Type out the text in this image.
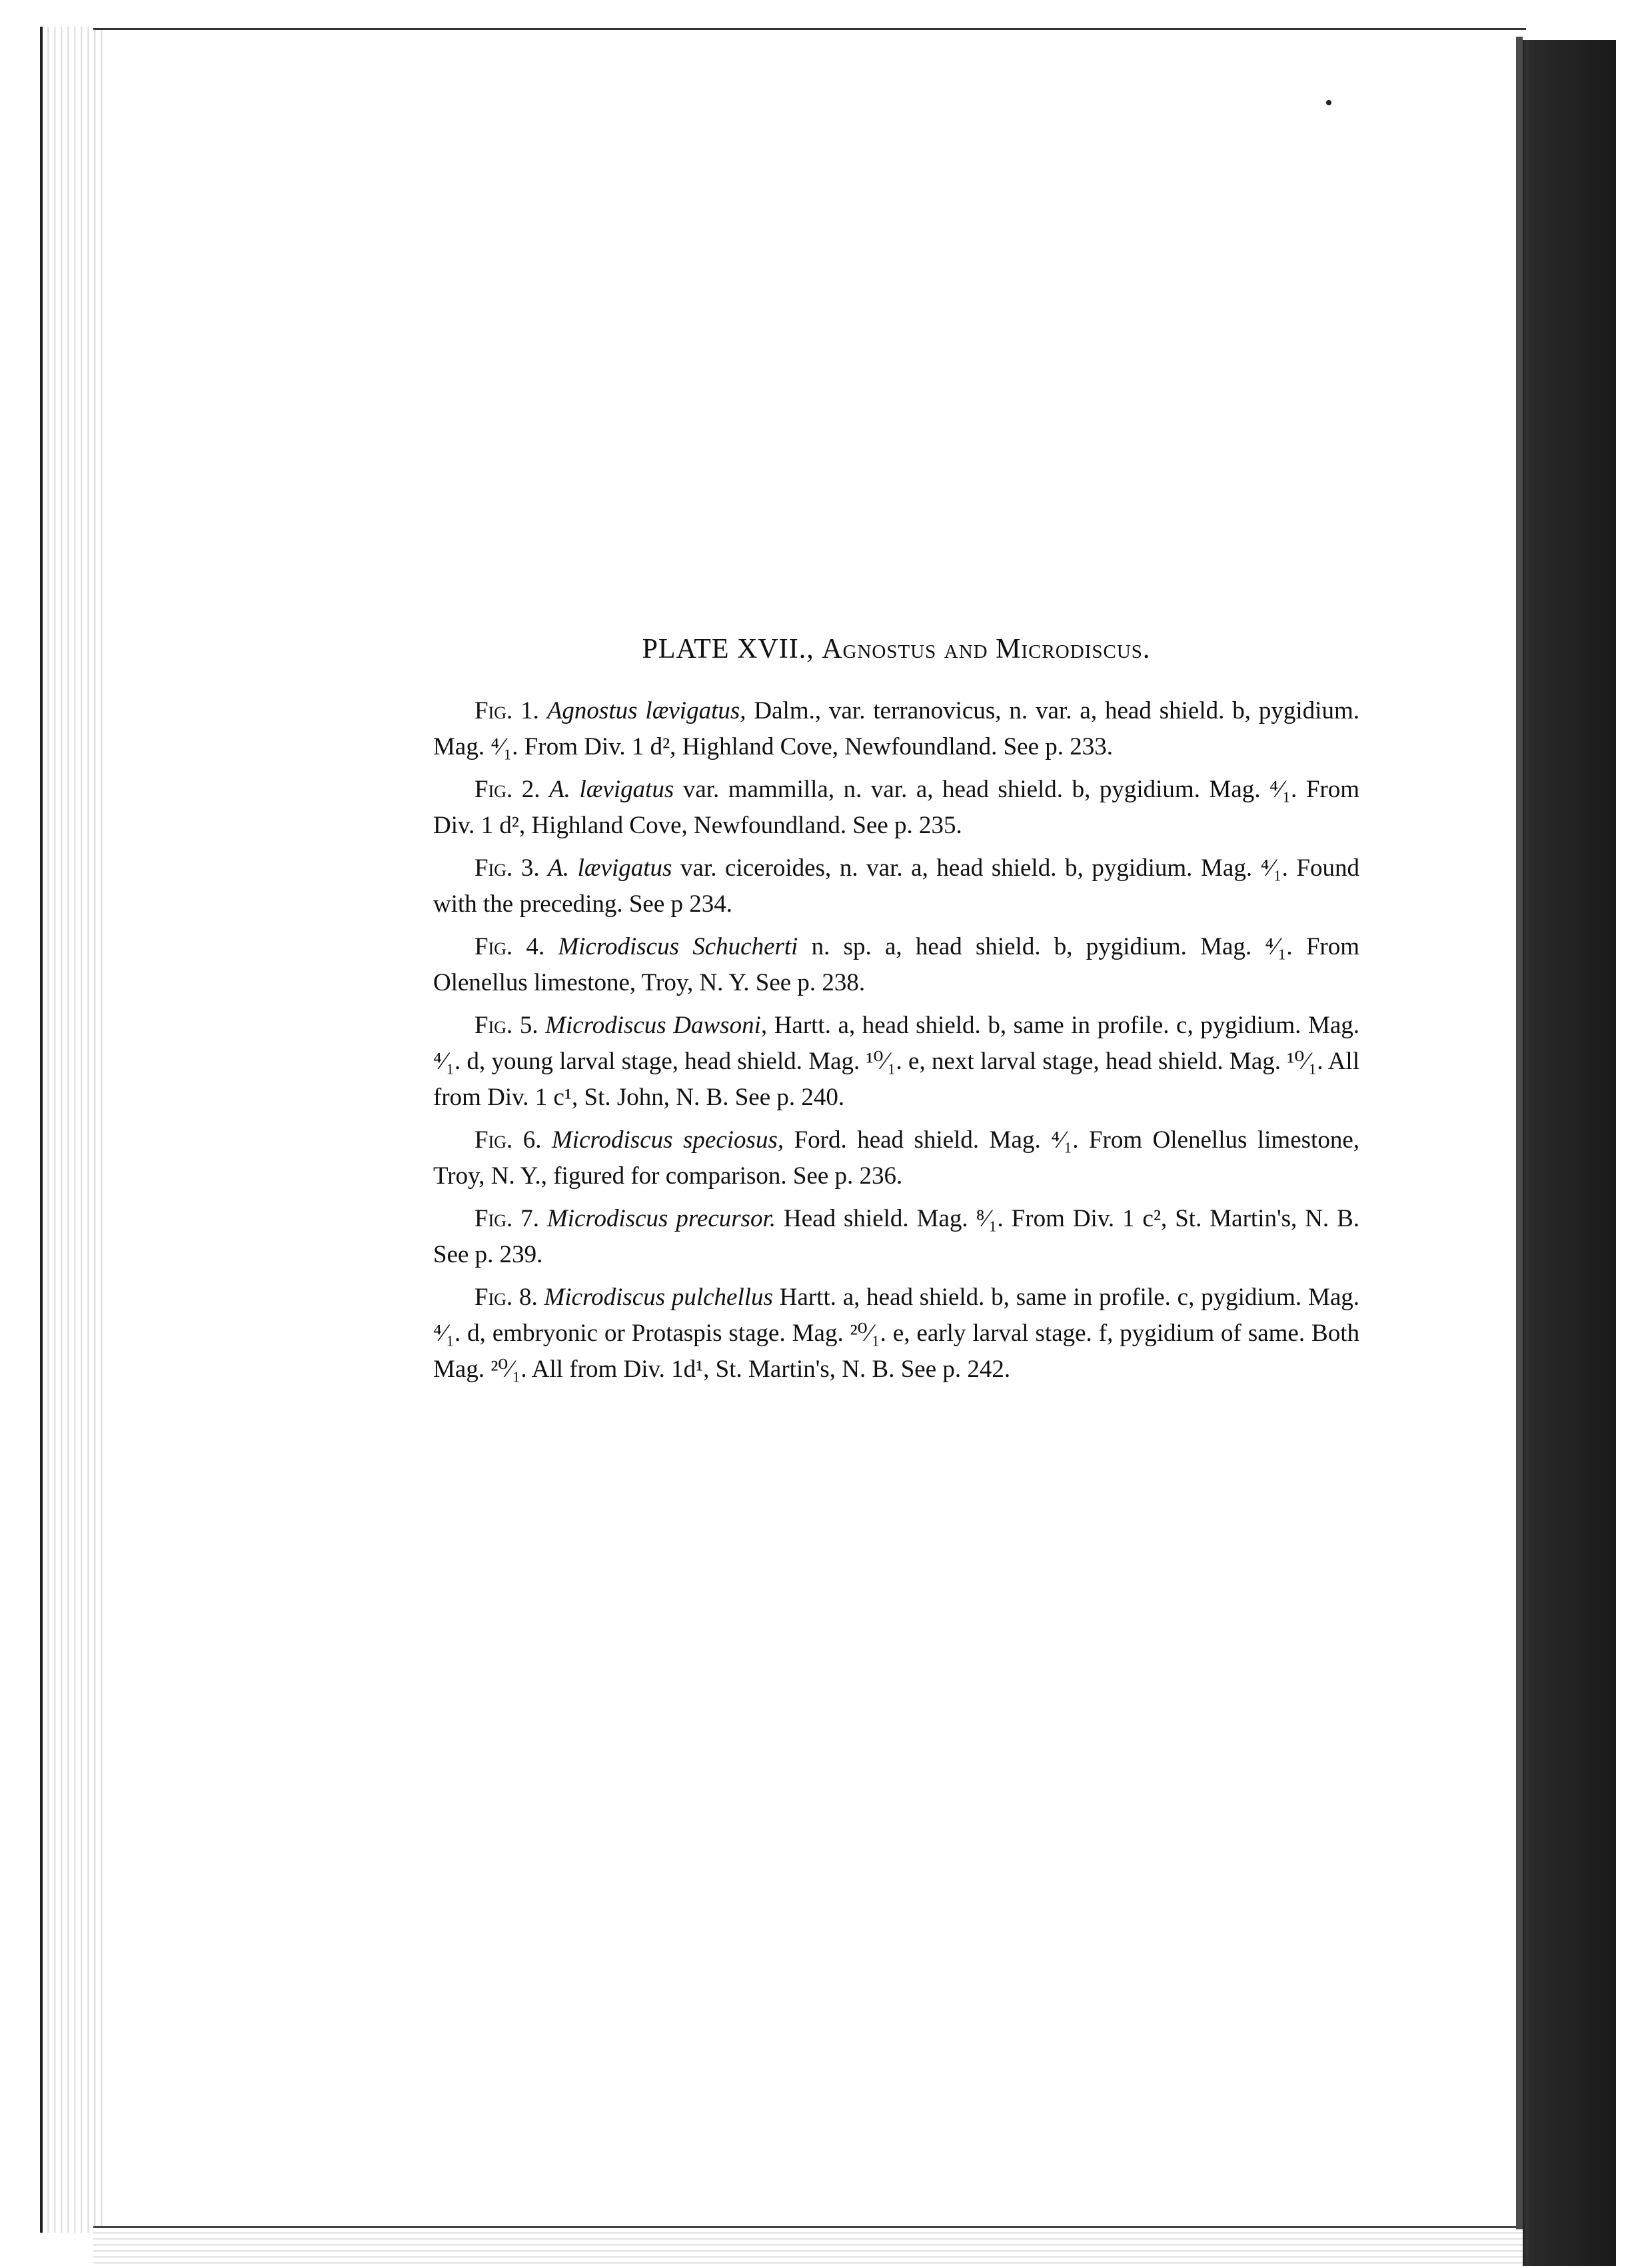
PLATE XVII., Agnostus and Microdiscus.

Fig. 1. Agnostus lævigatus, Dalm., var. terranovicus, n. var. a, head shield. b, pygidium. Mag. ⁴⁄₁. From Div. 1 d², Highland Cove, Newfoundland. See p. 233.

Fig. 2. A. lævigatus var. mammilla, n. var. a, head shield. b, pygidium. Mag. ⁴⁄₁. From Div. 1 d², Highland Cove, Newfoundland. See p. 235.

Fig. 3. A. lævigatus var. ciceroides, n. var. a, head shield. b, pygidium. Mag. ⁴⁄₁. Found with the preceding. See p 234.

Fig. 4. Microdiscus Schucherti n. sp. a, head shield. b, pygidium. Mag. ⁴⁄₁. From Olenellus limestone, Troy, N. Y. See p. 238.

Fig. 5. Microdiscus Dawsoni, Hartt. a, head shield. b, same in profile. c, pygidium. Mag. ⁴⁄₁. d, young larval stage, head shield. Mag. ¹⁰⁄₁. e, next larval stage, head shield. Mag. ¹⁰⁄₁. All from Div. 1 c¹, St. John, N. B. See p. 240.

Fig. 6. Microdiscus speciosus, Ford. head shield. Mag. ⁴⁄₁. From Olenellus limestone, Troy, N. Y., figured for comparison. See p. 236.

Fig. 7. Microdiscus precursor. Head shield. Mag. ⁸⁄₁. From Div. 1 c², St. Martin's, N. B. See p. 239.

Fig. 8. Microdiscus pulchellus Hartt. a, head shield. b, same in profile. c, pygidium. Mag. ⁴⁄₁. d, embryonic or Protaspis stage. Mag. ²⁰⁄₁. e, early larval stage. f, pygidium of same. Both Mag. ²⁰⁄₁. All from Div. 1d¹, St. Martin's, N. B. See p. 242.
